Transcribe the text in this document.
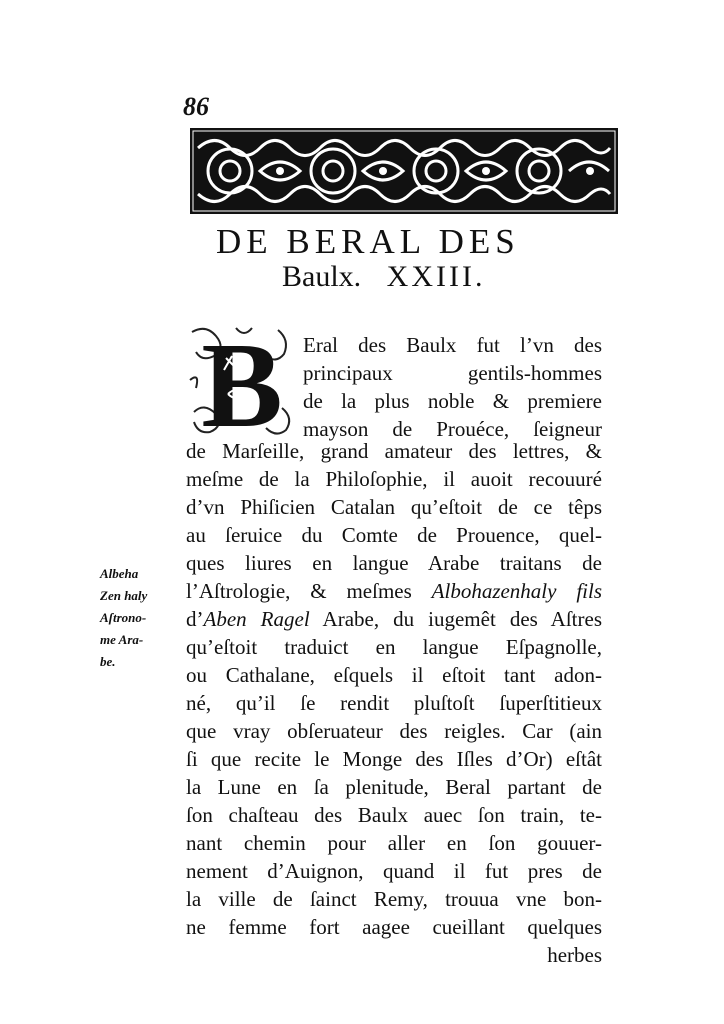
86
DE BERAL DES
Baulx. XXIII.
B Eral des Baulx fut l’vn des
principaux gentils-hommes
de la plus noble & premiere
mayson de Prouéce, ſeigneur
de Marſeille, grand amateur des lettres, &
meſme de la Philoſophie, il auoit recouuré
d’vn Phiſicien Catalan qu’eſtoit de ce têps
au ſeruice du Comte de Prouence, quel-
ques liures en langue Arabe traitans de
l’Aſtrologie, & meſmes Albohazenhaly fils
d’Aben Ragel Arabe, du iugemêt des Aſtres
qu’eſtoit traduict en langue Eſpagnolle,
ou Cathalane, eſquels il eſtoit tant adon-
né, qu’il ſe rendit pluſtoſt ſuperſtitieux
que vray obſeruateur des reigles. Car (ain
ſi que recite le Monge des Iſles d’Or) eſtât
la Lune en ſa plenitude, Beral partant de
ſon chaſteau des Baulx auec ſon train, te-
nant chemin pour aller en ſon gouuer-
nement d’Auignon, quand il fut pres de
la ville de ſainct Remy, trouua vne bon-
ne femme fort aagee cueillant quelques
herbes
Albeha
Zen haly
Aſtrono-
me Ara-
be.
